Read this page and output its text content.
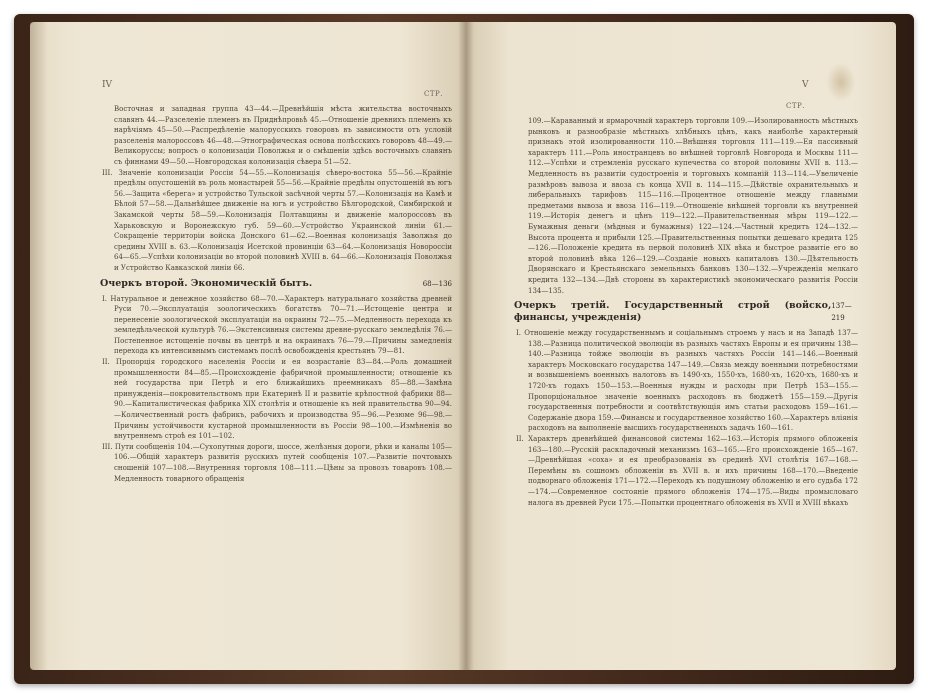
IV
СТР.

Восточная и западная группа 43—44.—Древнѣйшія мѣста жительства восточныхъ славянъ 44.—Разселеніе племенъ въ Приднѣпровьѣ 45.—Отношеніе древнихъ племенъ къ нарѣчіямъ 45—50.—Распредѣленіе малорусскихъ говоровъ въ зависимости отъ условій разселенія малороссовъ 46—48.—Этнографическая основа полѣсскихъ говоровъ 48—49.—Великоруссы; вопросъ о колонизаціи Поволжья и о смѣшеніи здѣсь восточныхъ славянъ съ финнами 49—50.—Новгородская колонизація сѣвера 51—52.

III. Значеніе колонизаціи Россіи 54—55.—Колонизація сѣверо-востока 55—56.—Крайніе предѣлы опустошеній въ роль монастырей 55—56.—Крайніе предѣлы опустошеній въ югъ 56.—Защита «берега» и устройство Тульской засѣчной черты 57.—Колонизація на Камѣ и Бѣлой 57—58.—Дальнѣйшее движеніе на югъ и устройство Бѣлгородской, Симбирской и Закамской черты 58—59.—Колонизація Полтавщины и движеніе малороссовъ въ Харьковскую и Воронежскую губ. 59—60.—Устройство Украинской линіи 61.—Сокращеніе территоріи войска Донского 61—62.—Военная колонизація Заволжья до средины XVIII в. 63.—Колонизація Исетской провинціи 63—64.—Колонизація Новороссіи 64—65.—Успѣхи колонизаціи во второй половинѣ XVIII в. 64—66.—Колонизація Поволжья и Устройство Кавказской линіи 66.

Очеркъ второй. Экономическій бытъ.	68—136

I. Натуральное и денежное хозяйство 68—70.—Характеръ натуральнаго хозяйства древней Руси 70.—Эксплуатація зоологическихъ богатствъ 70—71.—Истощеніе центра и перенесеніе зоологической эксплуатаціи на окраины 72—75.—Медленность перехода къ земледѣльческой культурѣ 76.—Экстенсивныя системы древне-русскаго земледѣлія 76.—Постепенное истощеніе почвы въ центрѣ и на окраинахъ 76—79.—Причины замедленія перехода къ интенсивнымъ системамъ послѣ освобожденія крестьянъ 79—81.

II. Пропорція городского населенія Россіи и ея возрастаніе 83—84.—Роль домашней промышленности 84—85.—Происхожденіе фабричной промышленности; отношеніе къ ней государства при Петрѣ и его ближайшихъ преемникахъ 85—88.—Замѣна принужденія—покровительствомъ при Екатеринѣ II и развитіе крѣпостной фабрики 88—90.—Капиталистическая фабрика XIX столѣтія и отношеніе къ ней правительства 90—94.—Количественный ростъ фабрикъ, рабочихъ и производства 95—96.—Резюме 96—98.—Причины устойчивости кустарной промышленности въ Россіи 98—100.—Измѣненія во внутреннемъ строѣ ея 101—102.

III. Пути сообщенія 104.—Сухопутныя дороги, шоссе, желѣзныя дороги, рѣки и каналы 105—106.—Общій характеръ развитія русскихъ путей сообщенія 107.—Развитіе почтовыхъ сношеній 107—108.—Внутренняя торговля 108—111.—Цѣны за провозъ товаровъ 108.—Медленность товарного обращенія

V
СТР.

109.—Караванный и ярмарочный характеръ торговли 109.—Изолированность мѣстныхъ рынковъ и разнообразіе мѣстныхъ хлѣбныхъ цѣнъ, какъ наиболѣе характерный признакъ этой изолированности 110.—Внѣшняя торговля 111—119.—Ея пассивный характеръ 111.—Роль иностранцевъ во внѣшней торговлѣ Новгорода и Москвы 111—112.—Успѣхи и стремленія русскаго купечества со второй половины XVII в. 113.—Медленность въ развитіи судостроенія и торговыхъ компаній 113—114.—Увеличеніе размѣровъ вывоза и ввоза съ конца XVII в. 114—115.—Дѣйствіе охранительныхъ и либеральныхъ тарифовъ 115—116.—Процентное отношеніе между главными предметами вывоза и ввоза 116—119.—Отношеніе внѣшней торговли къ внутренней 119.—Исторія денегъ и цѣнъ 119—122.—Правительственныя мѣры 119—122.—Бумажныя деньги (мѣдныя и бумажныя) 122—124.—Частный кредитъ 124—132.—Высота процента и прибыли 125.—Правительственныя попытки дешеваго кредита 125—126.—Положеніе кредита въ первой половинѣ XIX вѣка и быстрое развитіе его во второй половинѣ вѣка 126—129.—Созданіе новыхъ капиталовъ 130.—Дѣятельность Дворянскаго и Крестьянскаго земельныхъ банковъ 130—132.—Учрежденія мелкаго кредита 132—134.—Двѣ стороны въ характеристикѣ экономическаго развитія Россіи 134—135.

Очеркъ третій. Государственный строй (войско, финансы, учрежденія)
137—219

I. Отношеніе между государственнымъ и соціальнымъ строемъ у насъ и на Западѣ 137—138.—Разница политической эволюціи въ разныхъ частяхъ Европы и ея причины 138—140.—Разница тойже эволюціи въ разныхъ частяхъ Россіи 141—146.—Военный характеръ Московскаго государства 147—149.—Связь между военными потребностями и возвышеніемъ военныхъ налоговъ въ 1490-хъ, 1550-хъ, 1680-хъ, 1620-хъ, 1680-хъ и 1720-хъ годахъ 150—153.—Военныя нужды и расходы при Петрѣ 153—155.—Пропорціональное значеніе военныхъ расходовъ въ бюджетѣ 155—159.—Другія государственныя потребности и соотвѣтствующія имъ статьи расходовъ 159—161.—Содержаніе двора 159.—Финансы и государственное хозяйство 160.—Характеръ вліянія расходовъ на выполненіе высшихъ государственныхъ задачъ 160—161.

II. Характеръ древнѣйшей финансовой системы 162—163.—Исторія прямого обложенія 163—180.—Русскій раскладочный механизмъ 163—165.—Его происхожденіе 165—167.—Древнѣйшая «соха» и ея преобразованія въ срединѣ XVI столѣтія 167—168.—Перемѣны въ сошномъ обложеніи въ XVII в. и ихъ причины 168—170.—Введеніе подворнаго обложенія 171—172.—Переходъ къ подушному обложенію и его судьба 172—174.—Современное состояніе прямого обложенія 174—175.—Виды промысловаго налога въ древней Руси 175.—Попытки процентнаго обложенія въ XVII и XVIII вѣкахъ
